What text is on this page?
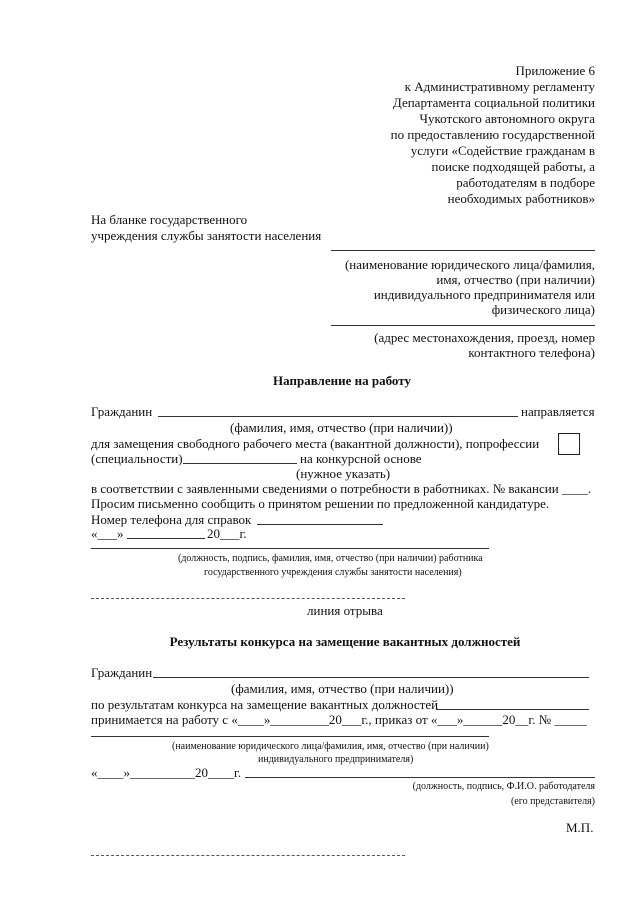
Приложение 6
к Административному регламенту
Департамента социальной политики
Чукотского автономного округа
по предоставлению государственной
услуги «Содействие гражданам в
поиске подходящей работы, а
работодателям в подборе
необходимых работников»
На бланке государственного
учреждения службы занятости населения
(наименование юридического лица/фамилия,
имя, отчество (при наличии)
индивидуального предпринимателя или
физического лица)
(адрес местонахождения, проезд, номер
контактного телефона)
Направление на работу
Гражданин	направляется
(фамилия, имя, отчество (при наличии))
для замещения свободного рабочего места (вакантной должности), попрофессии
(специальности)	на конкурсной основе
(нужное указать)
в соответствии с заявленными сведениями о потребности в работниках. № вакансии ____.
Просим письменно сообщить о принятом решении по предложенной кандидатуре.
Номер телефона для справок
«___»	20___г.
(должность, подпись, фамилия, имя, отчество (при наличии) работника
государственного учреждения службы занятости населения)
линия отрыва
Результаты конкурса на замещение вакантных должностей
Гражданин
(фамилия, имя, отчество (при наличии))
по результатам конкурса на замещение вакантных должностей
принимается на работу с «____»_________20___г., приказ от «___»______20__г. № _____
(наименование юридического лица/фамилия, имя, отчество (при наличии)
индивидуального предпринимателя)
«____»__________20____г.
(должность, подпись, Ф.И.О. работодателя
(его представителя)
М.П.
